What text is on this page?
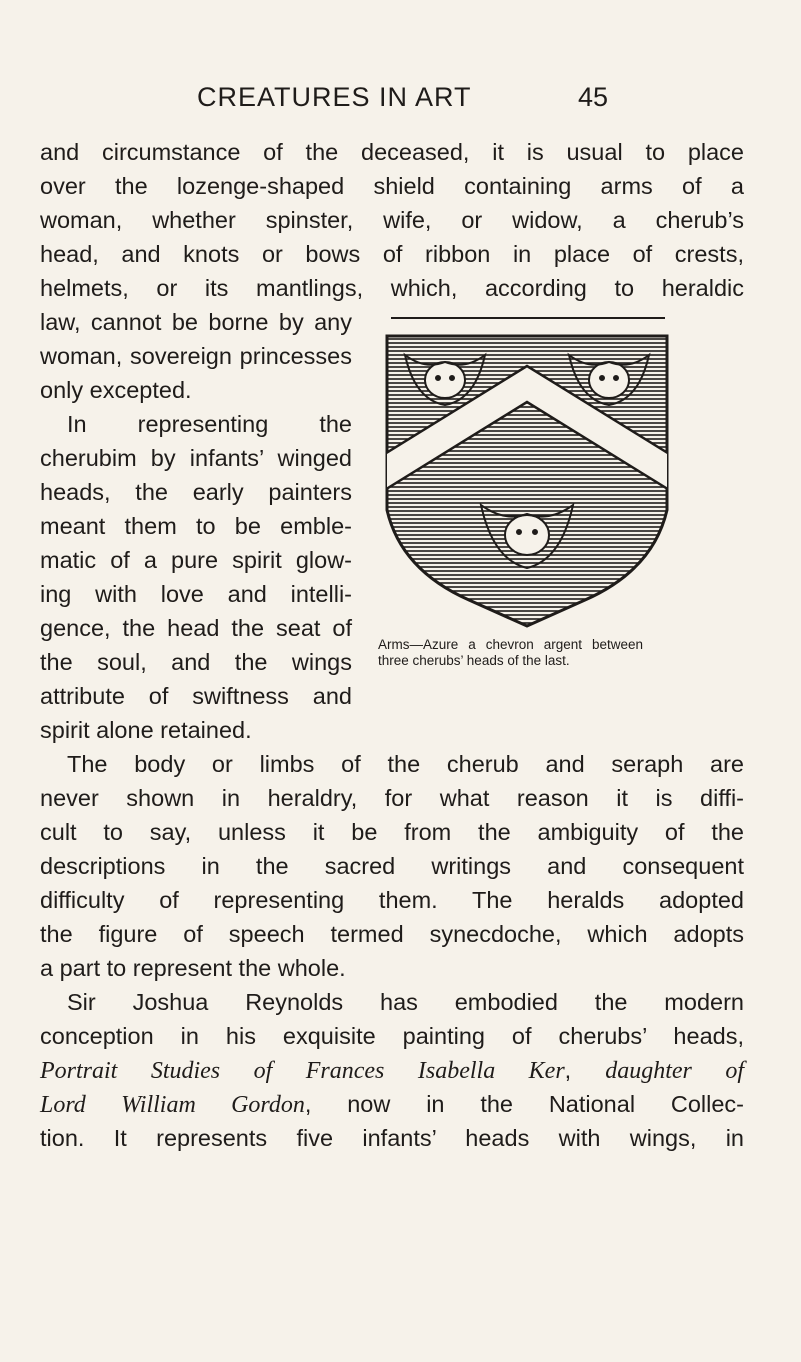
CREATURES IN ART	45
and circumstance of the deceased, it is usual to place
over the lozenge-shaped shield containing arms of a
woman, whether spinster, wife, or widow, a cherub’s
head, and knots or bows of ribbon in place of crests,
helmets, or its mantlings, which, according to heraldic
law, cannot be borne by any
woman, sovereign princesses
only excepted.
In representing the
cherubim by infants’ winged
heads, the early painters
meant them to be emble-
matic of a pure spirit glow-
ing with love and intelli-
gence, the head the seat of
the soul, and the wings
attribute of swiftness and
spirit alone retained.
The body or limbs of the cherub and seraph are
never shown in heraldry, for what reason it is diffi-
cult to say, unless it be from the ambiguity of the
descriptions in the sacred writings and consequent
difficulty of representing them. The heralds adopted
the figure of speech termed synecdoche, which adopts
a part to represent the whole.
Sir Joshua Reynolds has embodied the modern
conception in his exquisite painting of cherubs’ heads,
Portrait Studies of Frances Isabella Ker, daughter of
Lord William Gordon, now in the National Collec-
tion. It represents five infants’ heads with wings, in
Arms—Azure a chevron argent between three cherubs’ heads of the last.
